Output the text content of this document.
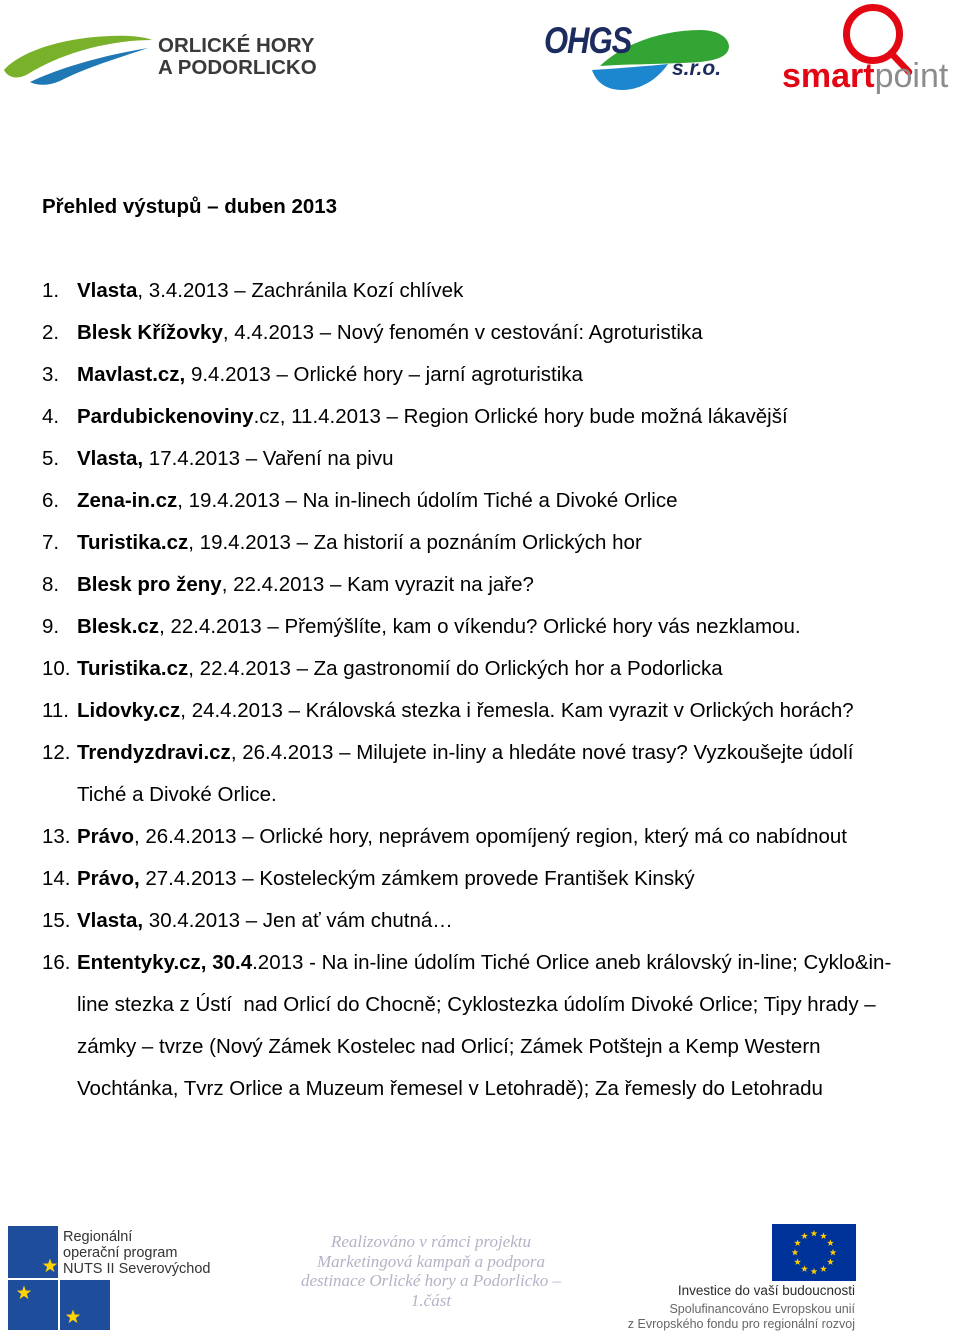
ORLICKÉ HORY
A PODORLICKO
OHGS
s.r.o. smartpoint
Přehled výstupů – duben 2013

1.

Vlasta, 3.4.2013 – Zachránila Kozí chlívek

2.

Blesk Křížovky, 4.4.2013 – Nový fenomén v cestování: Agroturistika

3.

Mavlast.cz, 9.4.2013 – Orlické hory – jarní agroturistika

4.

Pardubickenoviny.cz, 11.4.2013 – Region Orlické hory bude možná lákavější

5.

Vlasta, 17.4.2013 – Vaření na pivu

6.

Zena-in.cz, 19.4.2013 – Na in-linech údolím Tiché a Divoké Orlice

7.

Turistika.cz, 19.4.2013 – Za historií a poznáním Orlických hor

8.

Blesk pro ženy, 22.4.2013 – Kam vyrazit na jaře?

9.

Blesk.cz, 22.4.2013 – Přemýšlíte, kam o víkendu? Orlické hory vás nezklamou.

10.

Turistika.cz, 22.4.2013 – Za gastronomií do Orlických hor a Podorlicka

11.

Lidovky.cz, 24.4.2013 – Královská stezka i řemesla. Kam vyrazit v Orlických horách?

12.

Trendyzdravi.cz, 26.4.2013 – Milujete in-liny a hledáte nové trasy? Vyzkoušejte údolí

Tiché a Divoké Orlice.

13.

Právo, 26.4.2013 – Orlické hory, neprávem opomíjený region, který má co nabídnout

14.

Právo, 27.4.2013 – Kosteleckým zámkem provede František Kinský

15.

Vlasta, 30.4.2013 – Jen ať vám chutná…

16.

Ententyky.cz, 30.4.2013 - Na in-line údolím Tiché Orlice aneb královský in-line; Cyklo&in-

line stezka z Ústí  nad Orlicí do Chocně; Cyklostezka údolím Divoké Orlice; Tipy hrady –

zámky – tvrze (Nový Zámek Kostelec nad Orlicí; Zámek Potštejn a Kemp Western

Vochtánka, Tvrz Orlice a Muzeum řemesel v Letohradě); Za řemesly do Letohradu

Regionální
operační program
NUTS II Severovýchod
Realizováno v rámci projektu
Marketingová kampaň a podpora
destinace Orlické hory a Podorlicko –
1.část
Investice do vaší budoucnosti
Spolufinancováno Evropskou unií
z Evropského fondu pro regionální rozvoj
